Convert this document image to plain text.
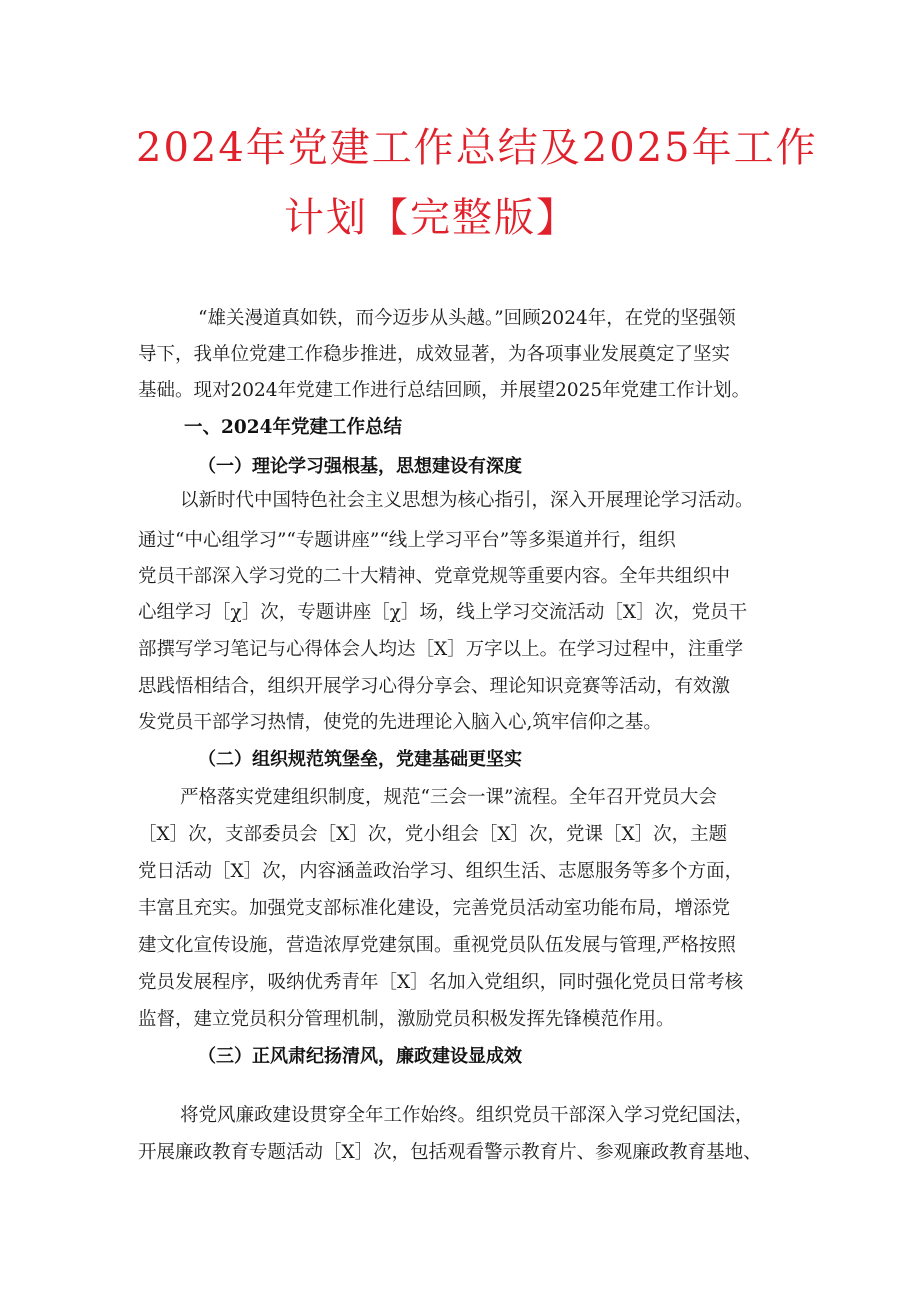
2024年党建工作总结及2025年工作
计划【完整版】
“雄关漫道真如铁，而今迈步从头越。”回顾2024年，在党的坚强领
导下，我单位党建工作稳步推进，成效显著，为各项事业发展奠定了坚实
基础。现对2024年党建工作进行总结回顾，并展望2025年党建工作计划。
一、2024年党建工作总结
（一）理论学习强根基，思想建设有深度
以新时代中国特色社会主义思想为核心指引，深入开展理论学习活动。
通过“中心组学习”“专题讲座”“线上学习平台”等多渠道并行，组织
党员干部深入学习党的二十大精神、党章党规等重要内容。全年共组织中
心组学习［χ］次，专题讲座［χ］场，线上学习交流活动［X］次，党员干
部撰写学习笔记与心得体会人均达［X］万字以上。在学习过程中，注重学
思践悟相结合，组织开展学习心得分享会、理论知识竞赛等活动，有效激
发党员干部学习热情，使党的先进理论入脑入心,筑牢信仰之基。
（二）组织规范筑堡垒，党建基础更坚实
严格落实党建组织制度，规范“三会一课”流程。全年召开党员大会
［X］次，支部委员会［X］次，党小组会［X］次，党课［X］次，主题
党日活动［X］次，内容涵盖政治学习、组织生活、志愿服务等多个方面，
丰富且充实。加强党支部标准化建设，完善党员活动室功能布局，增添党
建文化宣传设施，营造浓厚党建氛围。重视党员队伍发展与管理,严格按照
党员发展程序，吸纳优秀青年［X］名加入党组织，同时强化党员日常考核
监督，建立党员积分管理机制，激励党员积极发挥先锋模范作用。
（三）正风肃纪扬清风，廉政建设显成效
将党风廉政建设贯穿全年工作始终。组织党员干部深入学习党纪国法，
开展廉政教育专题活动［X］次，包括观看警示教育片、参观廉政教育基地、
